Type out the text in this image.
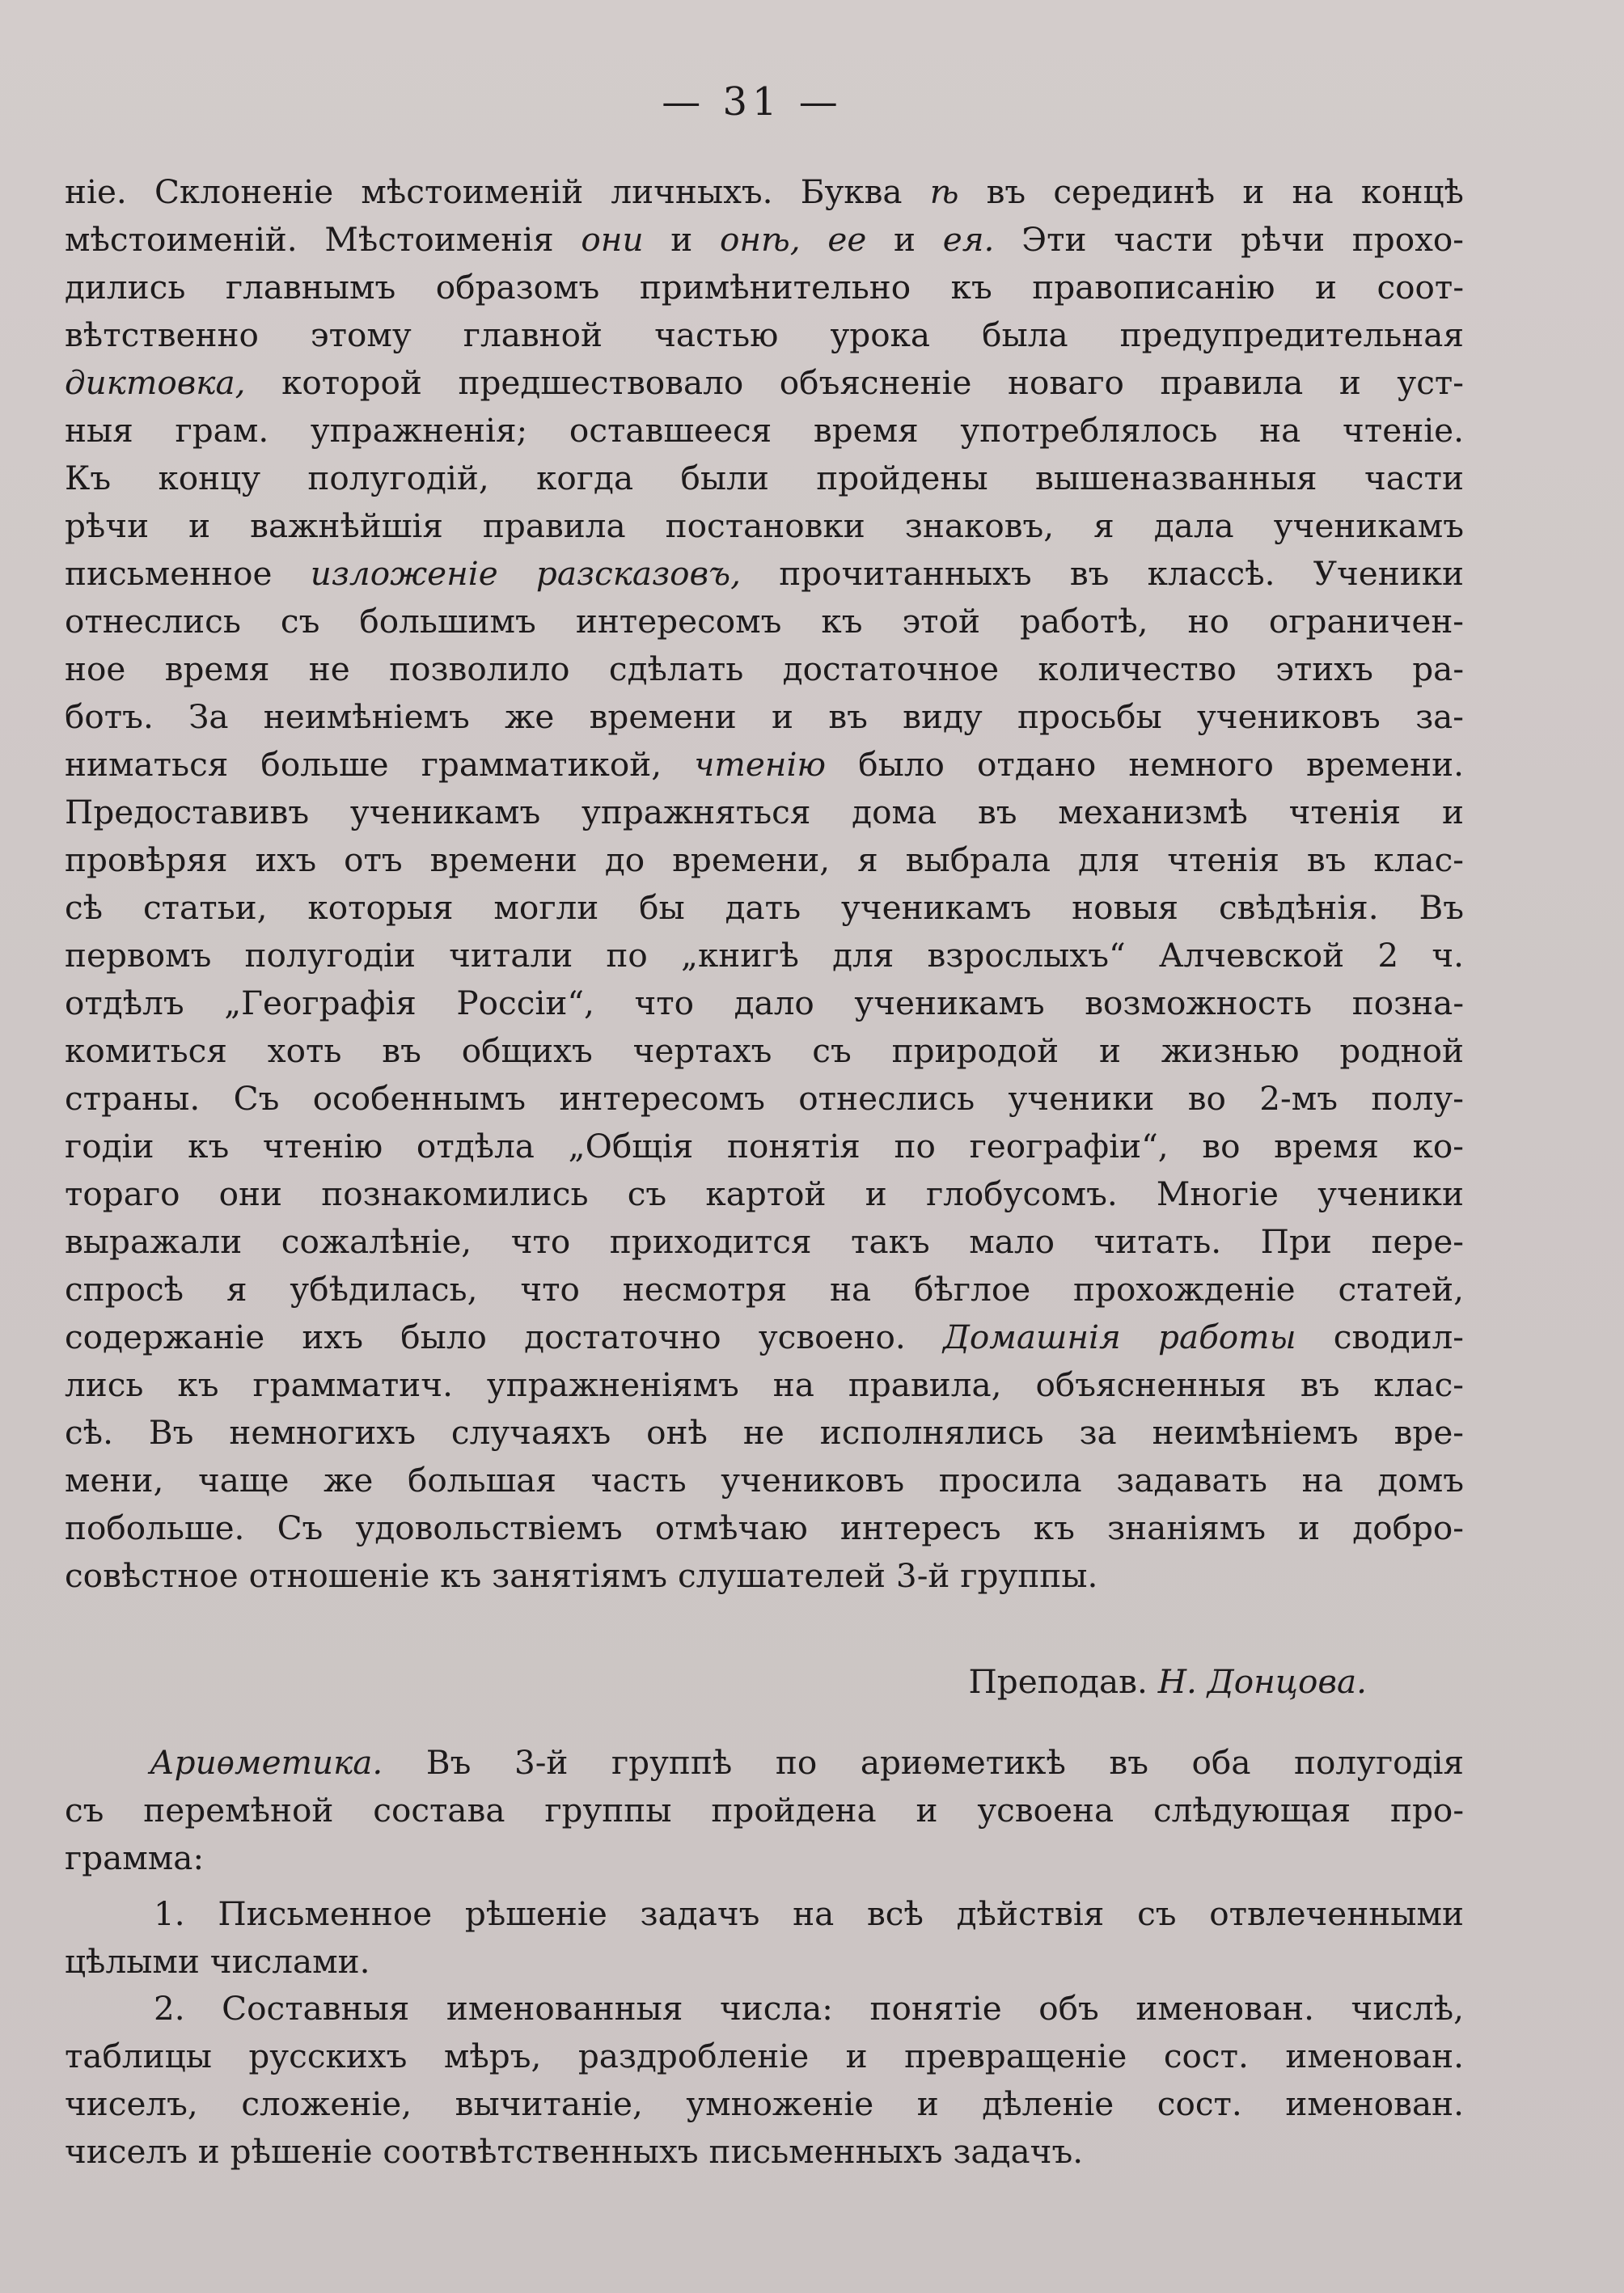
— 31 —
ніе. Склоненіе мѣстоименій личныхъ. Буква ѣ въ серединѣ и на концѣ
мѣстоименій. Мѣстоименія они и онѣ, ее и ея. Эти части рѣчи прохо-
дились главнымъ образомъ примѣнительно къ правописанію и соот-
вѣтственно этому главной частью урока была предупредительная
диктовка, которой предшествовало объясненіе новаго правила и уст-
ныя грам. упражненія; оставшееся время употреблялось на чтеніе.
Къ концу полугодій, когда были пройдены вышеназванныя части
рѣчи и важнѣйшія правила постановки знаковъ, я дала ученикамъ
письменное изложеніе разсказовъ, прочитанныхъ въ классѣ. Ученики
отнеслись съ большимъ интересомъ къ этой работѣ, но ограничен-
ное время не позволило сдѣлать достаточное количество этихъ ра-
ботъ. За неимѣніемъ же времени и въ виду просьбы учениковъ за-
ниматься больше грамматикой, чтенію было отдано немного времени.
Предоставивъ ученикамъ упражняться дома въ механизмѣ чтенія и
провѣряя ихъ отъ времени до времени, я выбрала для чтенія въ клас-
сѣ статьи, которыя могли бы дать ученикамъ новыя свѣдѣнія. Въ
первомъ полугодіи читали по „книгѣ для взрослыхъ“ Алчевской 2 ч.
отдѣлъ „Географія Россіи“, что дало ученикамъ возможность позна-
комиться хоть въ общихъ чертахъ съ природой и жизнью родной
страны. Съ особеннымъ интересомъ отнеслись ученики во 2-мъ полу-
годіи къ чтенію отдѣла „Общія понятія по географіи“, во время ко-
тораго они познакомились съ картой и глобусомъ. Многіе ученики
выражали сожалѣніе, что приходится такъ мало читать. При пере-
спросѣ я убѣдилась, что несмотря на бѣглое прохожденіе статей,
содержаніе ихъ было достаточно усвоено. Домашнія работы сводил-
лись къ грамматич. упражненіямъ на правила, объясненныя въ клас-
сѣ. Въ немногихъ случаяхъ онѣ не исполнялись за неимѣніемъ вре-
мени, чаще же большая часть учениковъ просила задавать на домъ
побольше. Съ удовольствіемъ отмѣчаю интересъ къ знаніямъ и добро-
совѣстное отношеніе къ занятіямъ слушателей 3-й группы.
Преподав. Н. Донцова.
Ариѳметика. Въ 3-й группѣ по ариѳметикѣ въ оба полугодія
съ перемѣной состава группы пройдена и усвоена слѣдующая про-
грамма:
1. Письменное рѣшеніе задачъ на всѣ дѣйствія съ отвлеченными
цѣлыми числами.
2. Составныя именованныя числа: понятіе объ именован. числѣ,
таблицы русскихъ мѣръ, раздробленіе и превращеніе сост. именован.
чиселъ, сложеніе, вычитаніе, умноженіе и дѣленіе сост. именован.
чиселъ и рѣшеніе соотвѣтственныхъ письменныхъ задачъ.
